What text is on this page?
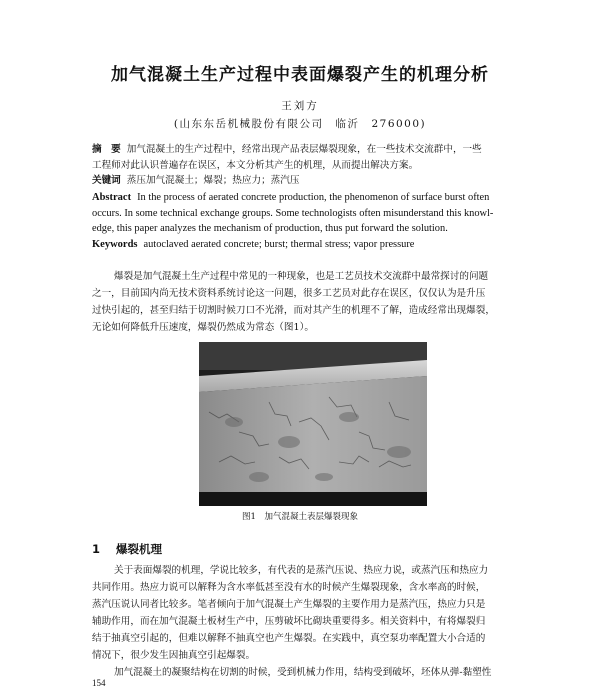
加气混凝土生产过程中表面爆裂产生的机理分析
王刘方
(山东东岳机械股份有限公司　临沂　276000)
摘　要 加气混凝土的生产过程中，经常出现产品表层爆裂现象，在一些技术交流群中，一些
工程师对此认识普遍存在误区，本文分析其产生的机理，从而提出解决方案。
关键词 蒸压加气混凝土；爆裂；热应力；蒸汽压
Abstract In the process of aerated concrete production, the phenomenon of surface burst often
occurs. In some technical exchange groups. Some technologists often misunderstand this knowl-
edge, this paper analyzes the mechanism of production, thus put forward the solution.
Keywords autoclaved aerated concrete; burst; thermal stress; vapor pressure
爆裂是加气混凝土生产过程中常见的一种现象，也是工艺员技术交流群中最常探讨的问题
之一，目前国内尚无技术资料系统讨论这一问题，很多工艺员对此存在误区，仅仅认为是升压
过快引起的，甚至归结于切割时候刀口不光滑，而对其产生的机理不了解，造成经常出现爆裂，
无论如何降低升压速度，爆裂仍然成为常态（图1）。
图1　加气混凝土表层爆裂现象
1 爆裂机理
关于表面爆裂的机理，学说比较多，有代表的是蒸汽压说、热应力说，或蒸汽压和热应力
共同作用。热应力说可以解释为含水率低甚至没有水的时候产生爆裂现象，含水率高的时候，
蒸汽压说认同者比较多。笔者倾向于加气混凝土产生爆裂的主要作用力是蒸汽压，热应力只是
辅助作用，而在加气混凝土板材生产中，压剪破坏比砌块重要得多。相关资料中，有将爆裂归
结于抽真空引起的，但难以解释不抽真空也产生爆裂。在实践中，真空泵功率配置大小合适的
情况下，很少发生因抽真空引起爆裂。
加气混凝土的凝聚结构在切割的时候，受到机械力作用，结构受到破坏，坯体从弹-黏塑性
154
